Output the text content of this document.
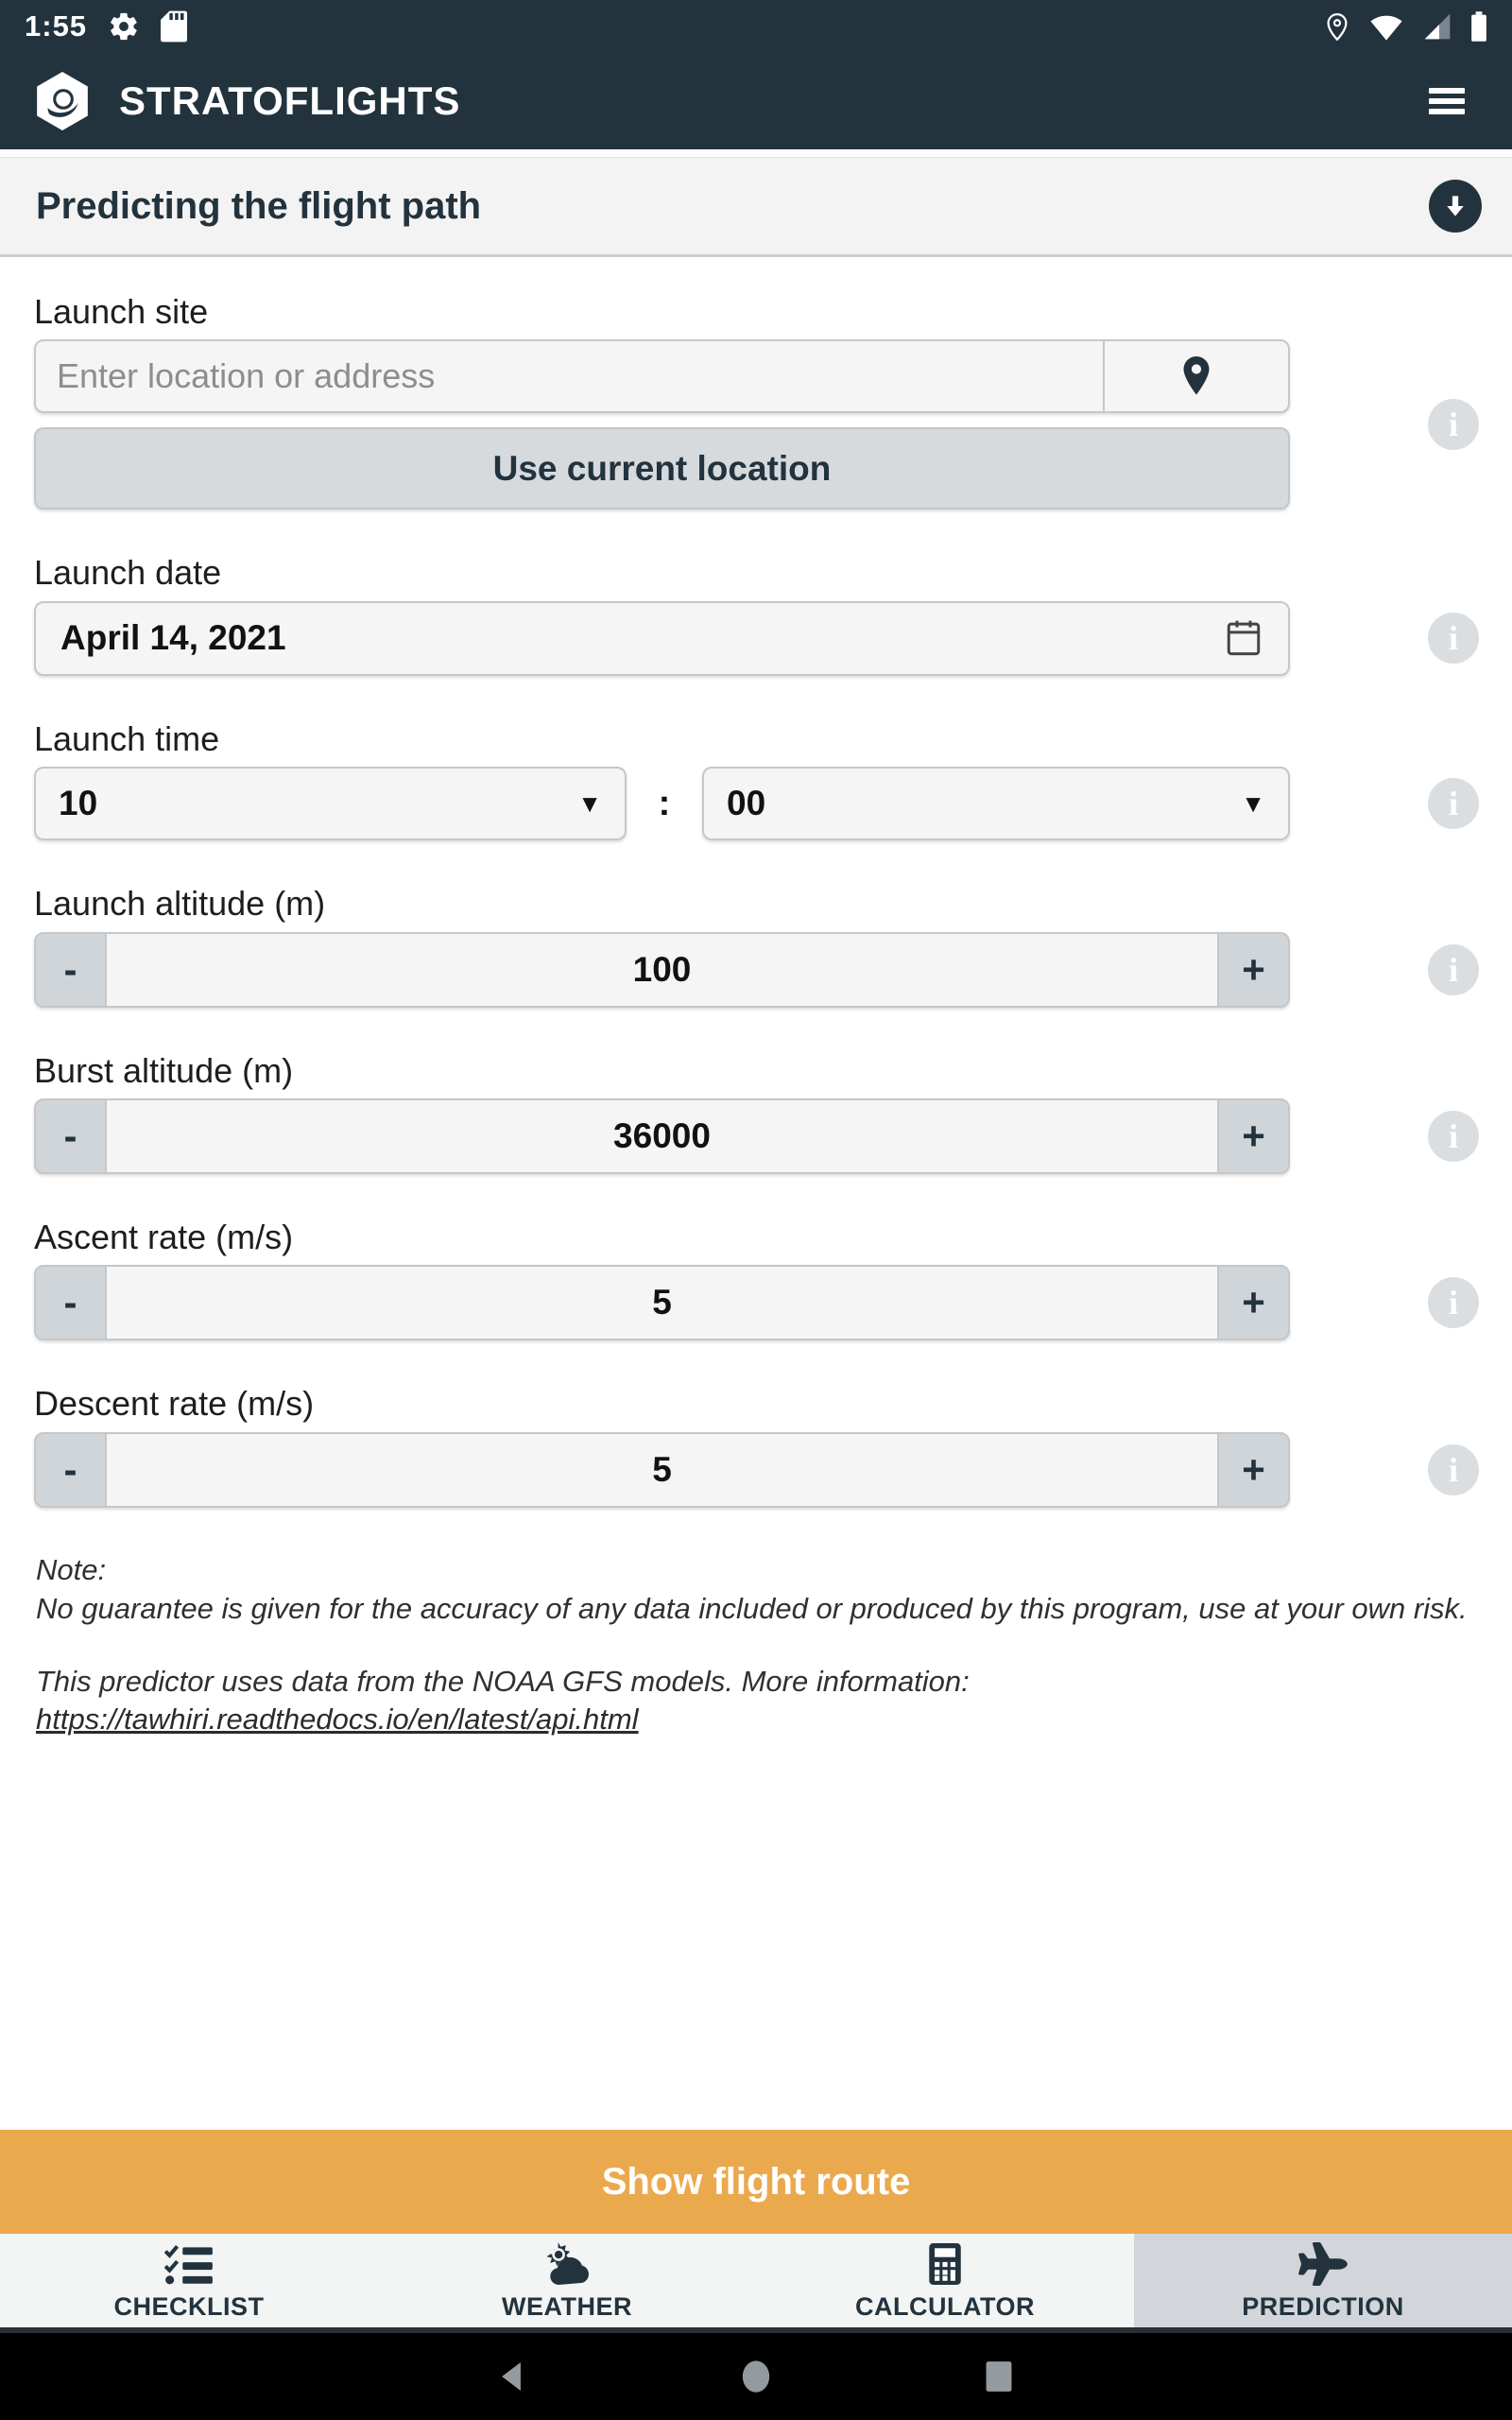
1:55
STRATOFLIGHTS
Predicting the flight path
Launch site
Enter location or address
Use current location
i
Launch date
April 14, 2021	i
Launch time
10	▼	:	00	▼	i
Launch altitude (m)
-	100	+	i
Burst altitude (m)
-	36000	+	i
Ascent rate (m/s)
-	5	+	i
Descent rate (m/s)
-	5	+	i

Note:

No guarantee is given for the accuracy of any data included or produced by this program, use at your own risk.

This predictor uses data from the NOAA GFS models. More information:

https://tawhiri.readthedocs.io/en/latest/api.html

Show flight route
CHECKLIST	WEATHER	CALCULATOR	PREDICTION
